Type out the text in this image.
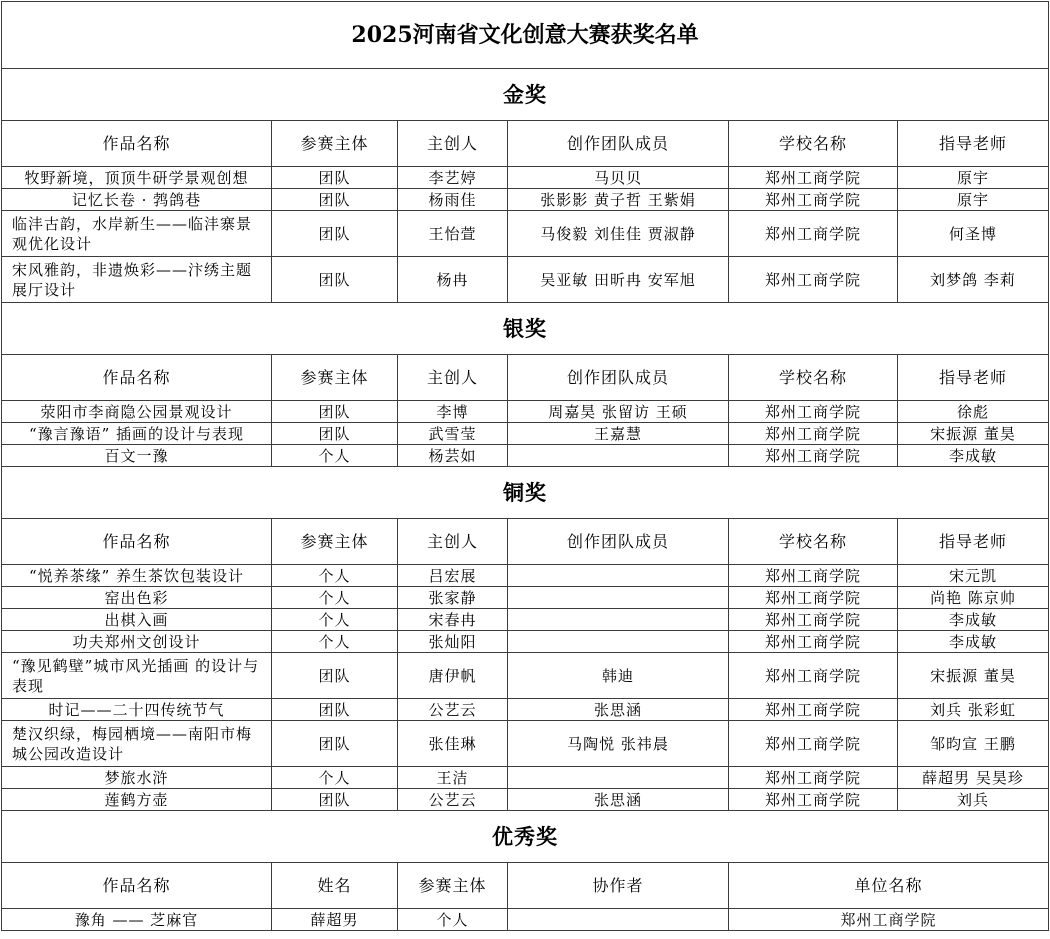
2025河南省文化创意大赛获奖名单					
金奖					
作品名称	参赛主体	主创人	创作团队成员	学校名称	指导老师
牧野新境，顶顶牛研学景观创想	团队	李艺婷	马贝贝	郑州工商学院	原宇
记忆长卷 · 鹁鸽巷	团队	杨雨佳	张影影 黄子哲 王紫娟	郑州工商学院	原宇
临沣古韵，水岸新生——临沣寨景观优化设计	团队	王怡萱	马俊毅 刘佳佳 贾淑静	郑州工商学院	何圣博
宋风雅韵，非遗焕彩——汴绣主题展厅设计	团队	杨冉	吴亚敏 田昕冉 安军旭	郑州工商学院	刘梦鸽 李莉
银奖					
作品名称	参赛主体	主创人	创作团队成员	学校名称	指导老师
荥阳市李商隐公园景观设计	团队	李博	周嘉昊 张留访 王硕	郑州工商学院	徐彪
“豫言豫语” 插画的设计与表现	团队	武雪莹	王嘉慧	郑州工商学院	宋振源 董昊
百文一豫	个人	杨芸如		郑州工商学院	李成敏
铜奖					
作品名称	参赛主体	主创人	创作团队成员	学校名称	指导老师
“悦养茶缘” 养生茶饮包装设计	个人	吕宏展		郑州工商学院	宋元凯
窑出色彩	个人	张家静		郑州工商学院	尚艳 陈京帅
出棋入画	个人	宋春冉		郑州工商学院	李成敏
功夫郑州文创设计	个人	张灿阳		郑州工商学院	李成敏
“豫见鹤壁”城市风光插画 的设计与表现	团队	唐伊帆	韩迪	郑州工商学院	宋振源 董昊
时记——二十四传统节气	团队	公艺云	张思涵	郑州工商学院	刘兵 张彩虹
楚汉织绿，梅园栖境——南阳市梅城公园改造设计	团队	张佳琳	马陶悦 张祎晨	郑州工商学院	邹昀宣 王鹏
梦旅水浒	个人	王洁		郑州工商学院	薛超男 吴昊珍
莲鹤方壶	团队	公艺云	张思涵	郑州工商学院	刘兵
优秀奖					
作品名称	姓名	参赛主体	协作者	单位名称	
豫角 —— 芝麻官	薛超男	个人		郑州工商学院	
